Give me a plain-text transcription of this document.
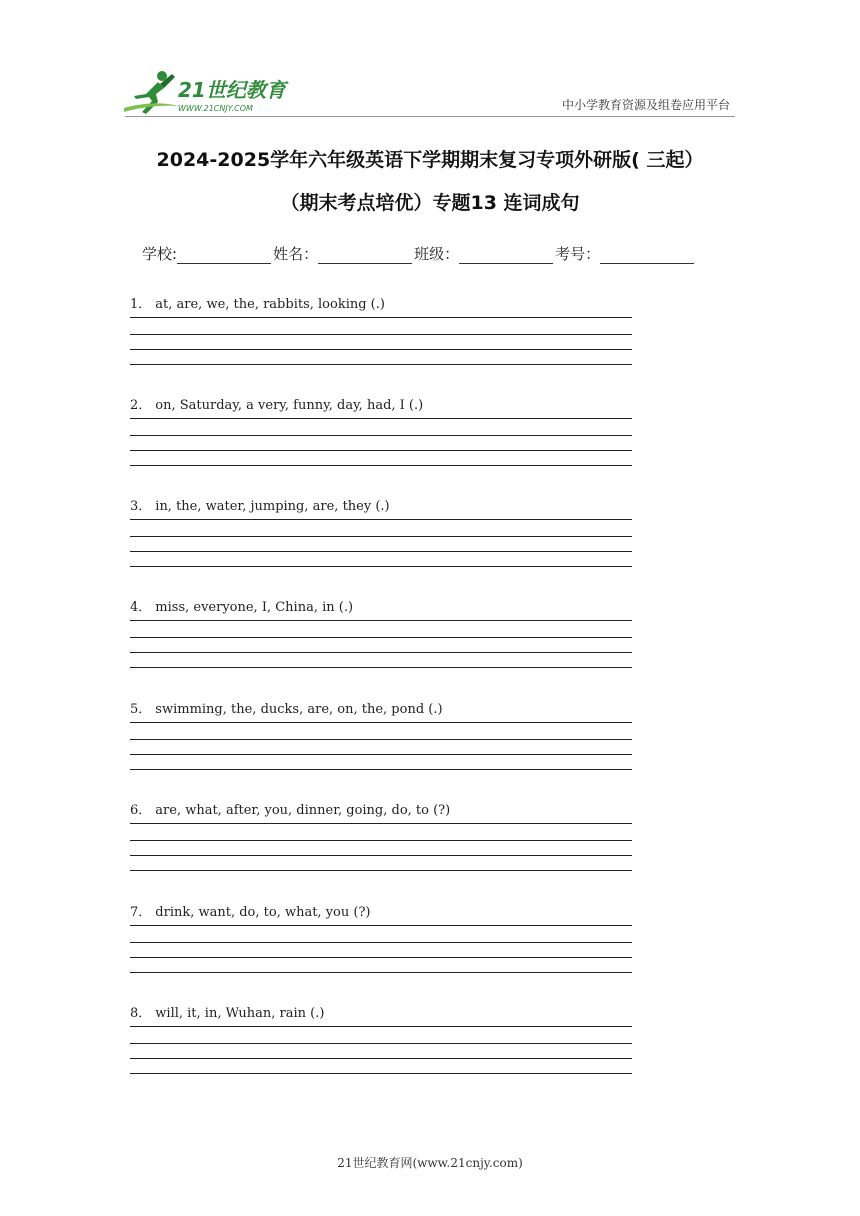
21世纪教育
WWW.21CNJY.COM	中小学教育资源及组卷应用平台
2024-2025学年六年级英语下学期期末复习专项外研版( 三起）
（期末考点培优）专题13 连词成句
学校:	姓名：	班级：	考号：
1． at, are, we, the, rabbits, looking (.)
2． on, Saturday, a very, funny, day, had, I (.)
3． in, the, water, jumping, are, they (.)
4． miss, everyone, I, China, in (.)
5． swimming, the, ducks, are, on, the, pond (.)
6． are, what, after, you, dinner, going, do, to (?)
7． drink, want, do, to, what, you (?)
8． will, it, in, Wuhan, rain (.)
21世纪教育网(www.21cnjy.com)
